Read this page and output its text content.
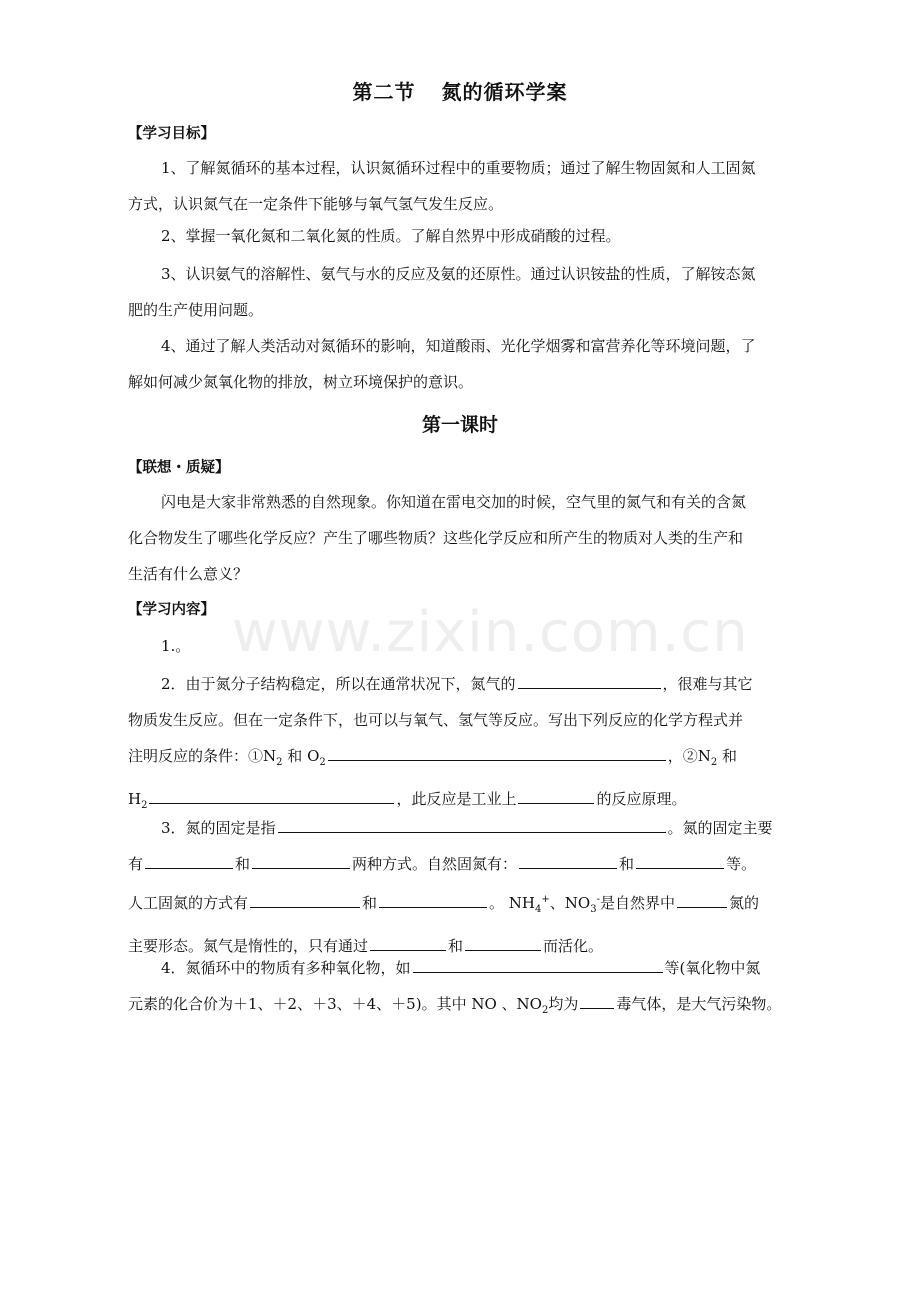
www.zixin.com.cn
第二节 氮的循环学案
【学习目标】
1、了解氮循环的基本过程，认识氮循环过程中的重要物质；通过了解生物固氮和人工固氮
方式，认识氮气在一定条件下能够与氧气氢气发生反应。
2、掌握一氧化氮和二氧化氮的性质。了解自然界中形成硝酸的过程。
3、认识氨气的溶解性、氨气与水的反应及氨的还原性。通过认识铵盐的性质，了解铵态氮
肥的生产使用问题。
4、通过了解人类活动对氮循环的影响，知道酸雨、光化学烟雾和富营养化等环境问题，了
解如何减少氮氧化物的排放，树立环境保护的意识。
第一课时
【联想・质疑】
闪电是大家非常熟悉的自然现象。你知道在雷电交加的时候，空气里的氮气和有关的含氮
化合物发生了哪些化学反应？产生了哪些物质？这些化学反应和所产生的物质对人类的生产和
生活有什么意义？
【学习内容】
1.。
2．由于氮分子结构稳定，所以在通常状况下，氮气的	，很难与其它
物质发生反应。但在一定条件下，也可以与氧气、氢气等反应。写出下列反应的化学方程式并
注明反应的条件：$①N_2$ 和 $O_2$	，$②N_2$ 和
$H_2$	，此反应是工业上	的反应原理。
3．氮的固定是指	。氮的固定主要
有	和	两种方式。自然固氮有：	和	等。
人工固氮的方式有	和	。 $NH_4^+$、$NO_3^-$是自然界中	氮的
主要形态。氮气是惰性的，只有通过	和	而活化。
4．氮循环中的物质有多种氧化物，如	等(氧化物中氮
元素的化合价为＋1、＋2、＋3、＋4、＋5)。其中 NO 、$NO_2$均为	毒气体，是大气污染物。
